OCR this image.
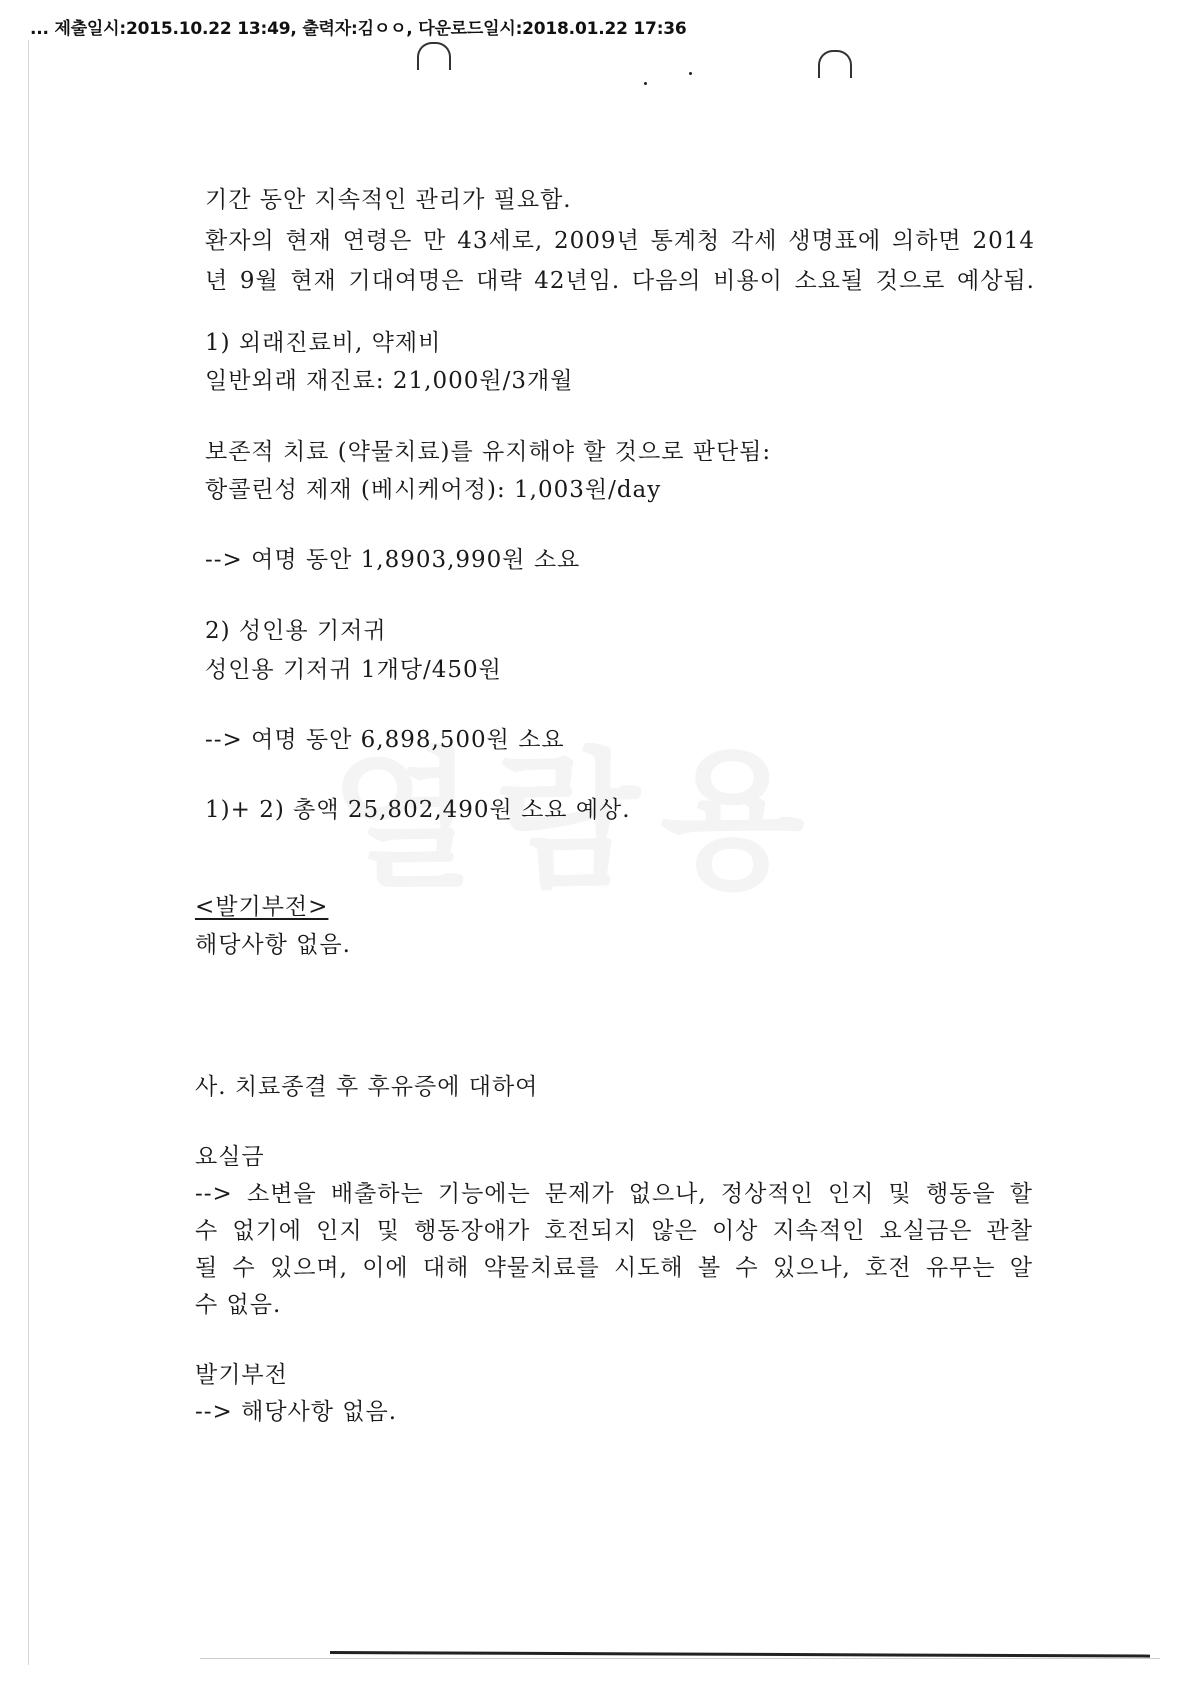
... 제출일시:2015.10.22 13:49, 출력자:김ㅇㅇ, 다운로드일시:2018.01.22 17:36
기간 동안 지속적인 관리가 필요함.
환자의 현재 연령은 만 43세로, 2009년 통계청 각세 생명표에 의하면 2014
년 9월 현재 기대여명은 대략 42년임. 다음의 비용이 소요될 것으로 예상됨.
1) 외래진료비, 약제비
일반외래 재진료: 21,000원/3개월
보존적 치료 (약물치료)를 유지해야 할 것으로 판단됨:
항콜린성 제재 (베시케어정): 1,003원/day
--> 여명 동안 1,8903,990원 소요
2) 성인용 기저귀
성인용 기저귀 1개당/450원
--> 여명 동안 6,898,500원 소요
1)+ 2) 총액 25,802,490원 소요 예상.
<발기부전>
해당사항 없음.
사. 치료종결 후 후유증에 대하여
요실금
--> 소변을 배출하는 기능에는 문제가 없으나, 정상적인 인지 및 행동을 할
수 없기에 인지 및 행동장애가 호전되지 않은 이상 지속적인 요실금은 관찰
될 수 있으며, 이에 대해 약물치료를 시도해 볼 수 있으나, 호전 유무는 알
수 없음.
발기부전
--> 해당사항 없음.
